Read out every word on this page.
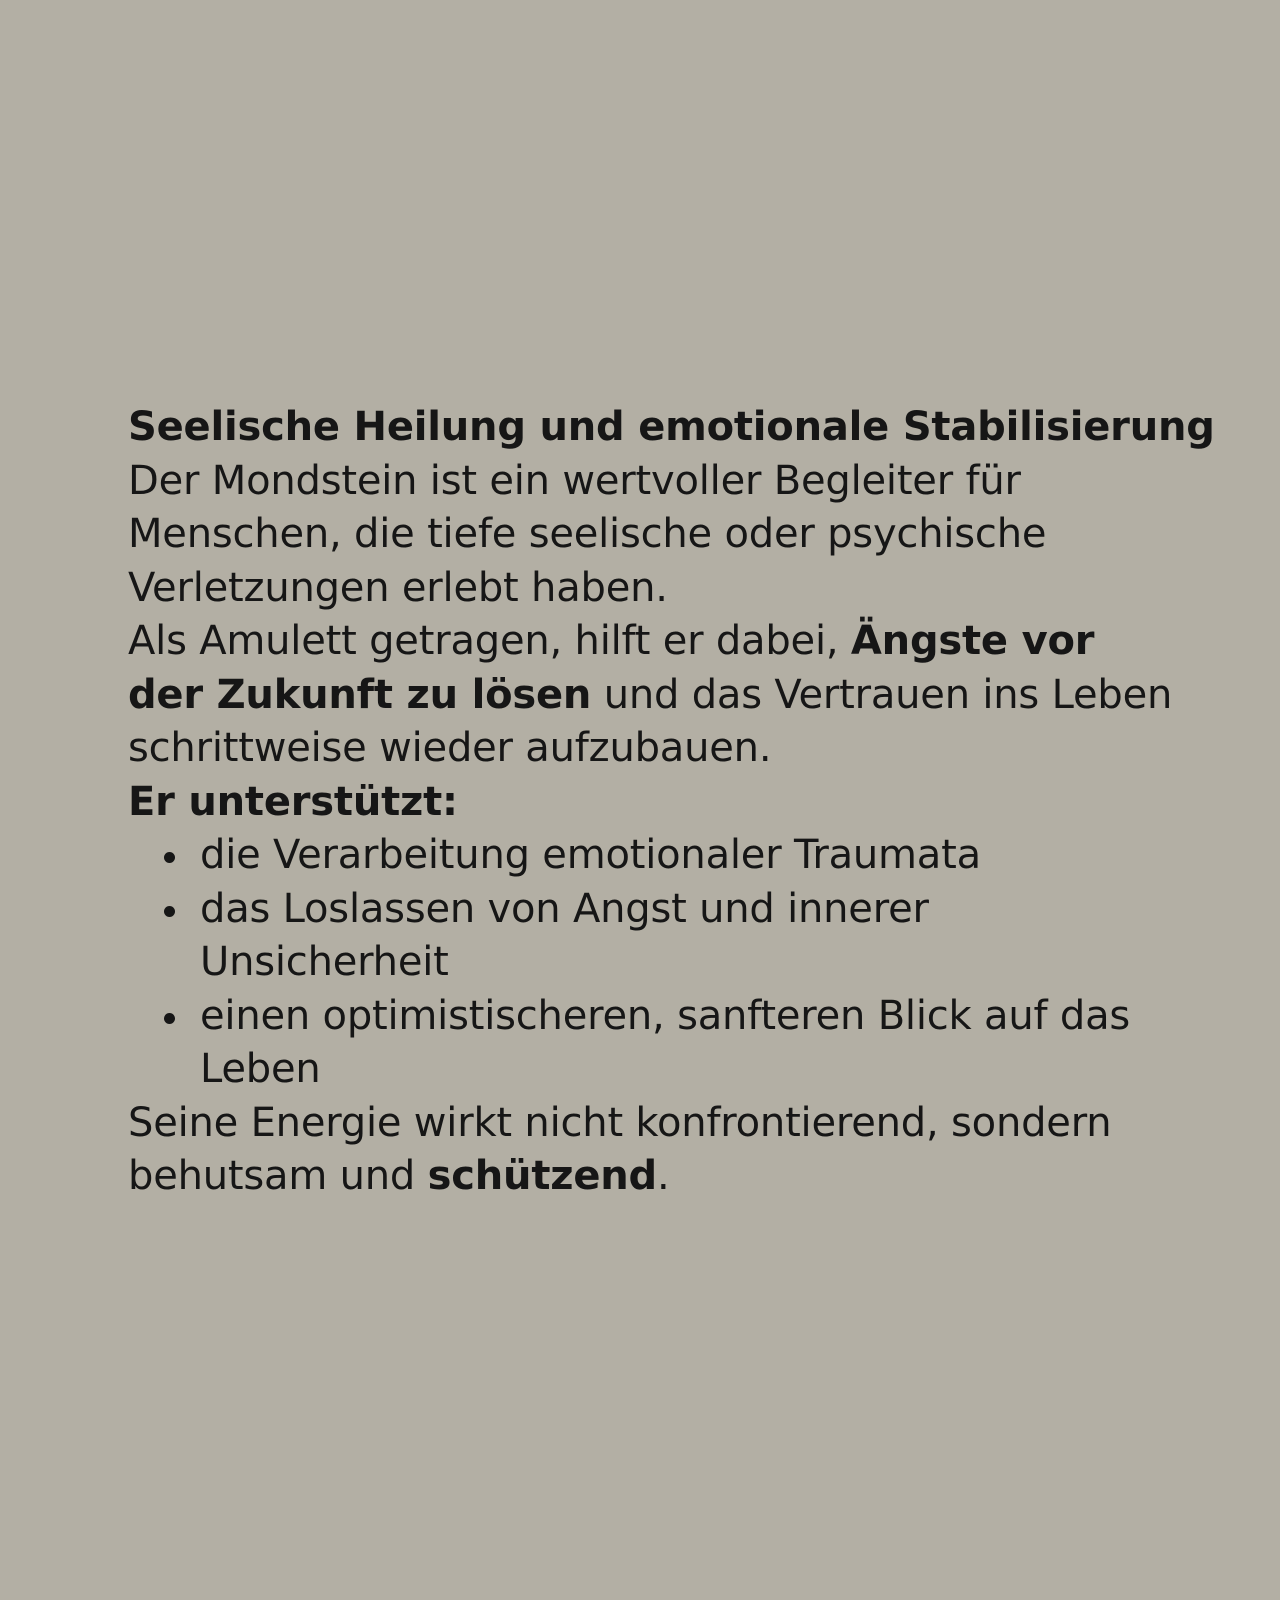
Seelische Heilung und emotionale Stabilisierung

Der Mondstein ist ein wertvoller Begleiter für
Menschen, die tiefe seelische oder psychische
Verletzungen erlebt haben.

Als Amulett getragen, hilft er dabei, Ängste vor
der Zukunft zu lösen und das Vertrauen ins Leben
schrittweise wieder aufzubauen.

Er unterstützt:

die Verarbeitung emotionaler Traumata
das Loslassen von Angst und innerer
Unsicherheit
einen optimistischeren, sanfteren Blick auf das
Leben

Seine Energie wirkt nicht konfrontierend, sondern
behutsam und schützend.
